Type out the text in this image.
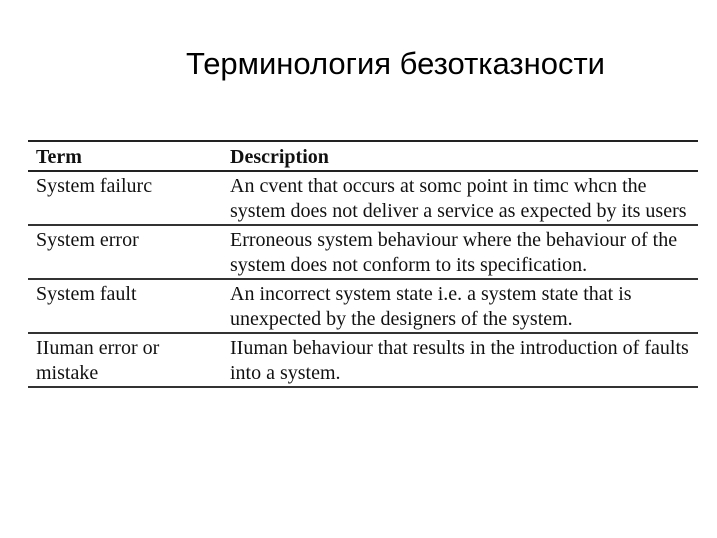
Терминология безотказности
Term	Description
System failurc	An cvent that occurs at somc point in timc whcn the system does not deliver a service as expected by its users
System error	Erroneous system behaviour where the behaviour of the system does not conform to its specification.
System fault	An incorrect system state i.e. a system state that is unexpected by the designers of the system.
IIuman error or mistake	IIuman behaviour that results in the introduction of faults into a system.
